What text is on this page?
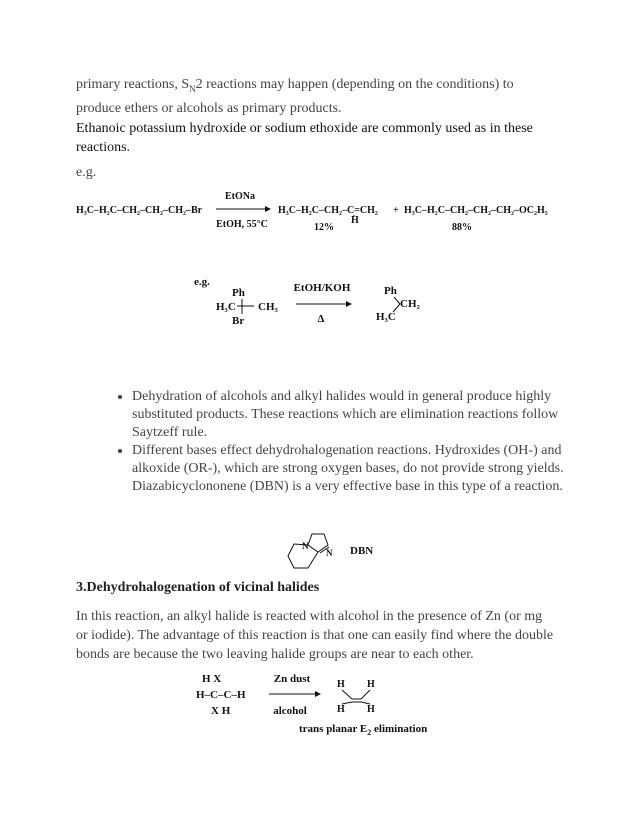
primary reactions, $S_N2$ reactions may happen (depending on the conditions) to produce ethers or alcohols as primary products.
Ethanoic potassium hydroxide or sodium ethoxide are commonly used as in these reactions.
e.g.
H₃C–H₂C–CH₂–CH₂–CH₂–Br
EtONa
EtOH, 55°C
H₃C–H₂C–CH₂–C=CH₂
H
+ H₃C–H₂C–CH₂–CH₂–CH₂–OC₂H₅
12%	88%
e.g.
Ph
H₃C CH₃
Br
EtOH/KOH
Δ
Ph
CH₂
H₃C
• Dehydration of alcohols and alkyl halides would in general produce highly substituted products. These reactions which are elimination reactions follow Saytzeff rule.
• Different bases effect dehydrohalogenation reactions. Hydroxides (OH-) and alkoxide (OR-), which are strong oxygen bases, do not provide strong yields. Diazabicyclononene (DBN) is a very effective base in this type of a reaction.
N
N DBN
3.Dehydrohalogenation of vicinal halides
In this reaction, an alkyl halide is reacted with alcohol in the presence of Zn (or mg or iodide). The advantage of this reaction is that one can easily find where the double bonds are because the two leaving halide groups are near to each other.
H X
H–C–C–H
X H
Zn dust
alcohol
H H
H H
trans planar $E_2$ elimination
